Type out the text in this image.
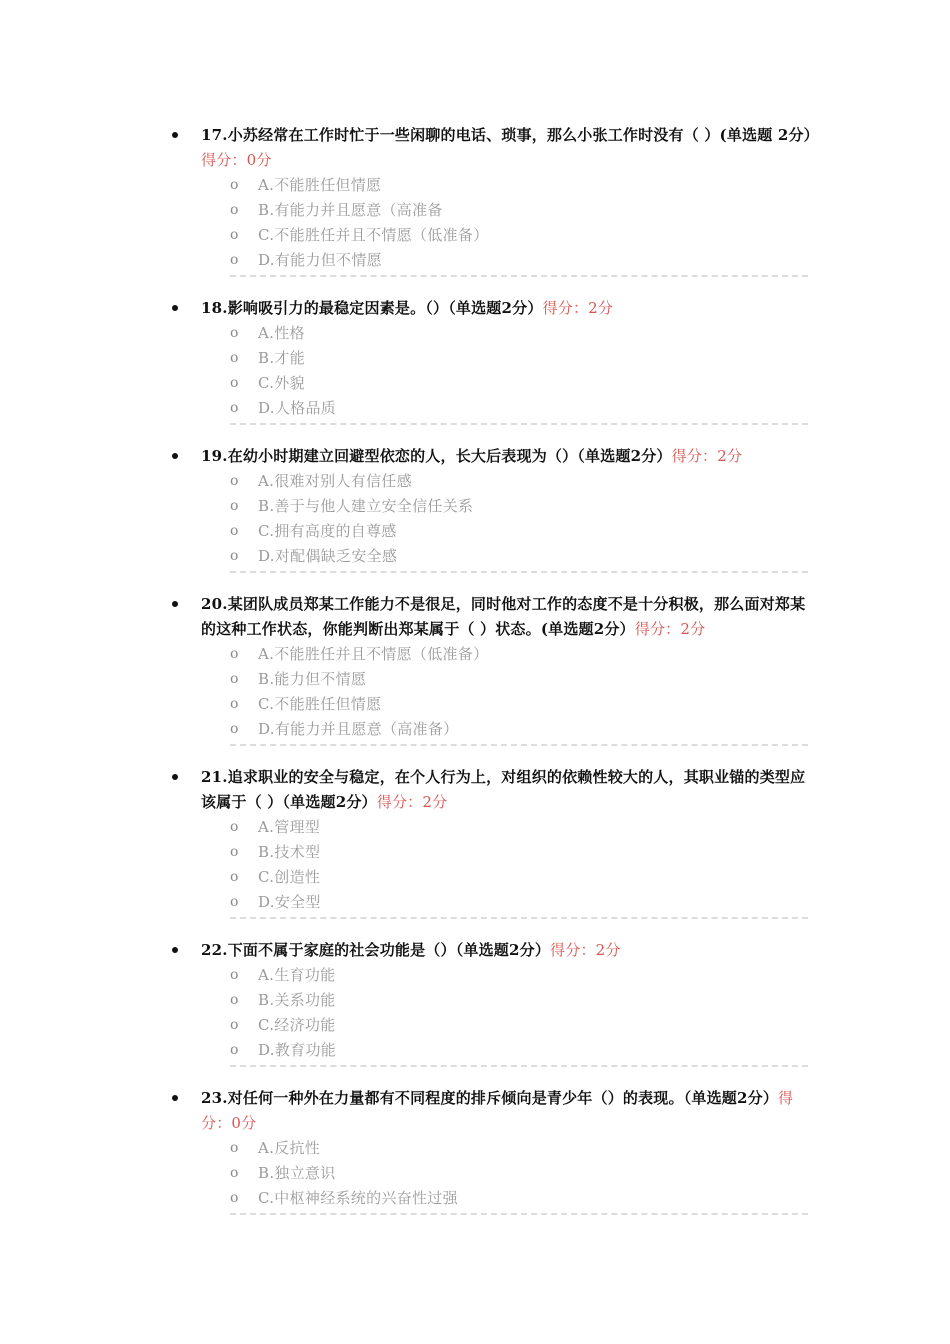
17.小苏经常在工作时忙于一些闲聊的电话、琐事，那么小张工作时没有（ ）(单选题 2分）得分：0分
o A.不能胜任但情愿
o B.有能力并且愿意（高准备
o C.不能胜任并且不情愿（低准备）
o D.有能力但不情愿
18.影响吸引力的最稳定因素是。（）（单选题2分）得分：2分
o A.性格
o B.才能
o C.外貌
o D.人格品质
19.在幼小时期建立回避型依恋的人，长大后表现为（）（单选题2分）得分：2分
o A.很难对别人有信任感
o B.善于与他人建立安全信任关系
o C.拥有高度的自尊感
o D.对配偶缺乏安全感
20.某团队成员郑某工作能力不是很足，同时他对工作的态度不是十分积极，那么面对郑某的这种工作状态，你能判断出郑某属于（ ）状态。(单选题2分）得分：2分
o A.不能胜任并且不情愿（低准备）
o B.能力但不情愿
o C.不能胜任但情愿
o D.有能力并且愿意（高准备）
21.追求职业的安全与稳定，在个人行为上，对组织的依赖性较大的人，其职业锚的类型应该属于（ ）（单选题2分）得分：2分
o A.管理型
o B.技术型
o C.创造性
o D.安全型
22.下面不属于家庭的社会功能是（）（单选题2分）得分：2分
o A.生育功能
o B.关系功能
o C.经济功能
o D.教育功能
23.对任何一种外在力量都有不同程度的排斥倾向是青少年（）的表现。（单选题2分）得分：0分
o A.反抗性
o B.独立意识
o C.中枢神经系统的兴奋性过强
